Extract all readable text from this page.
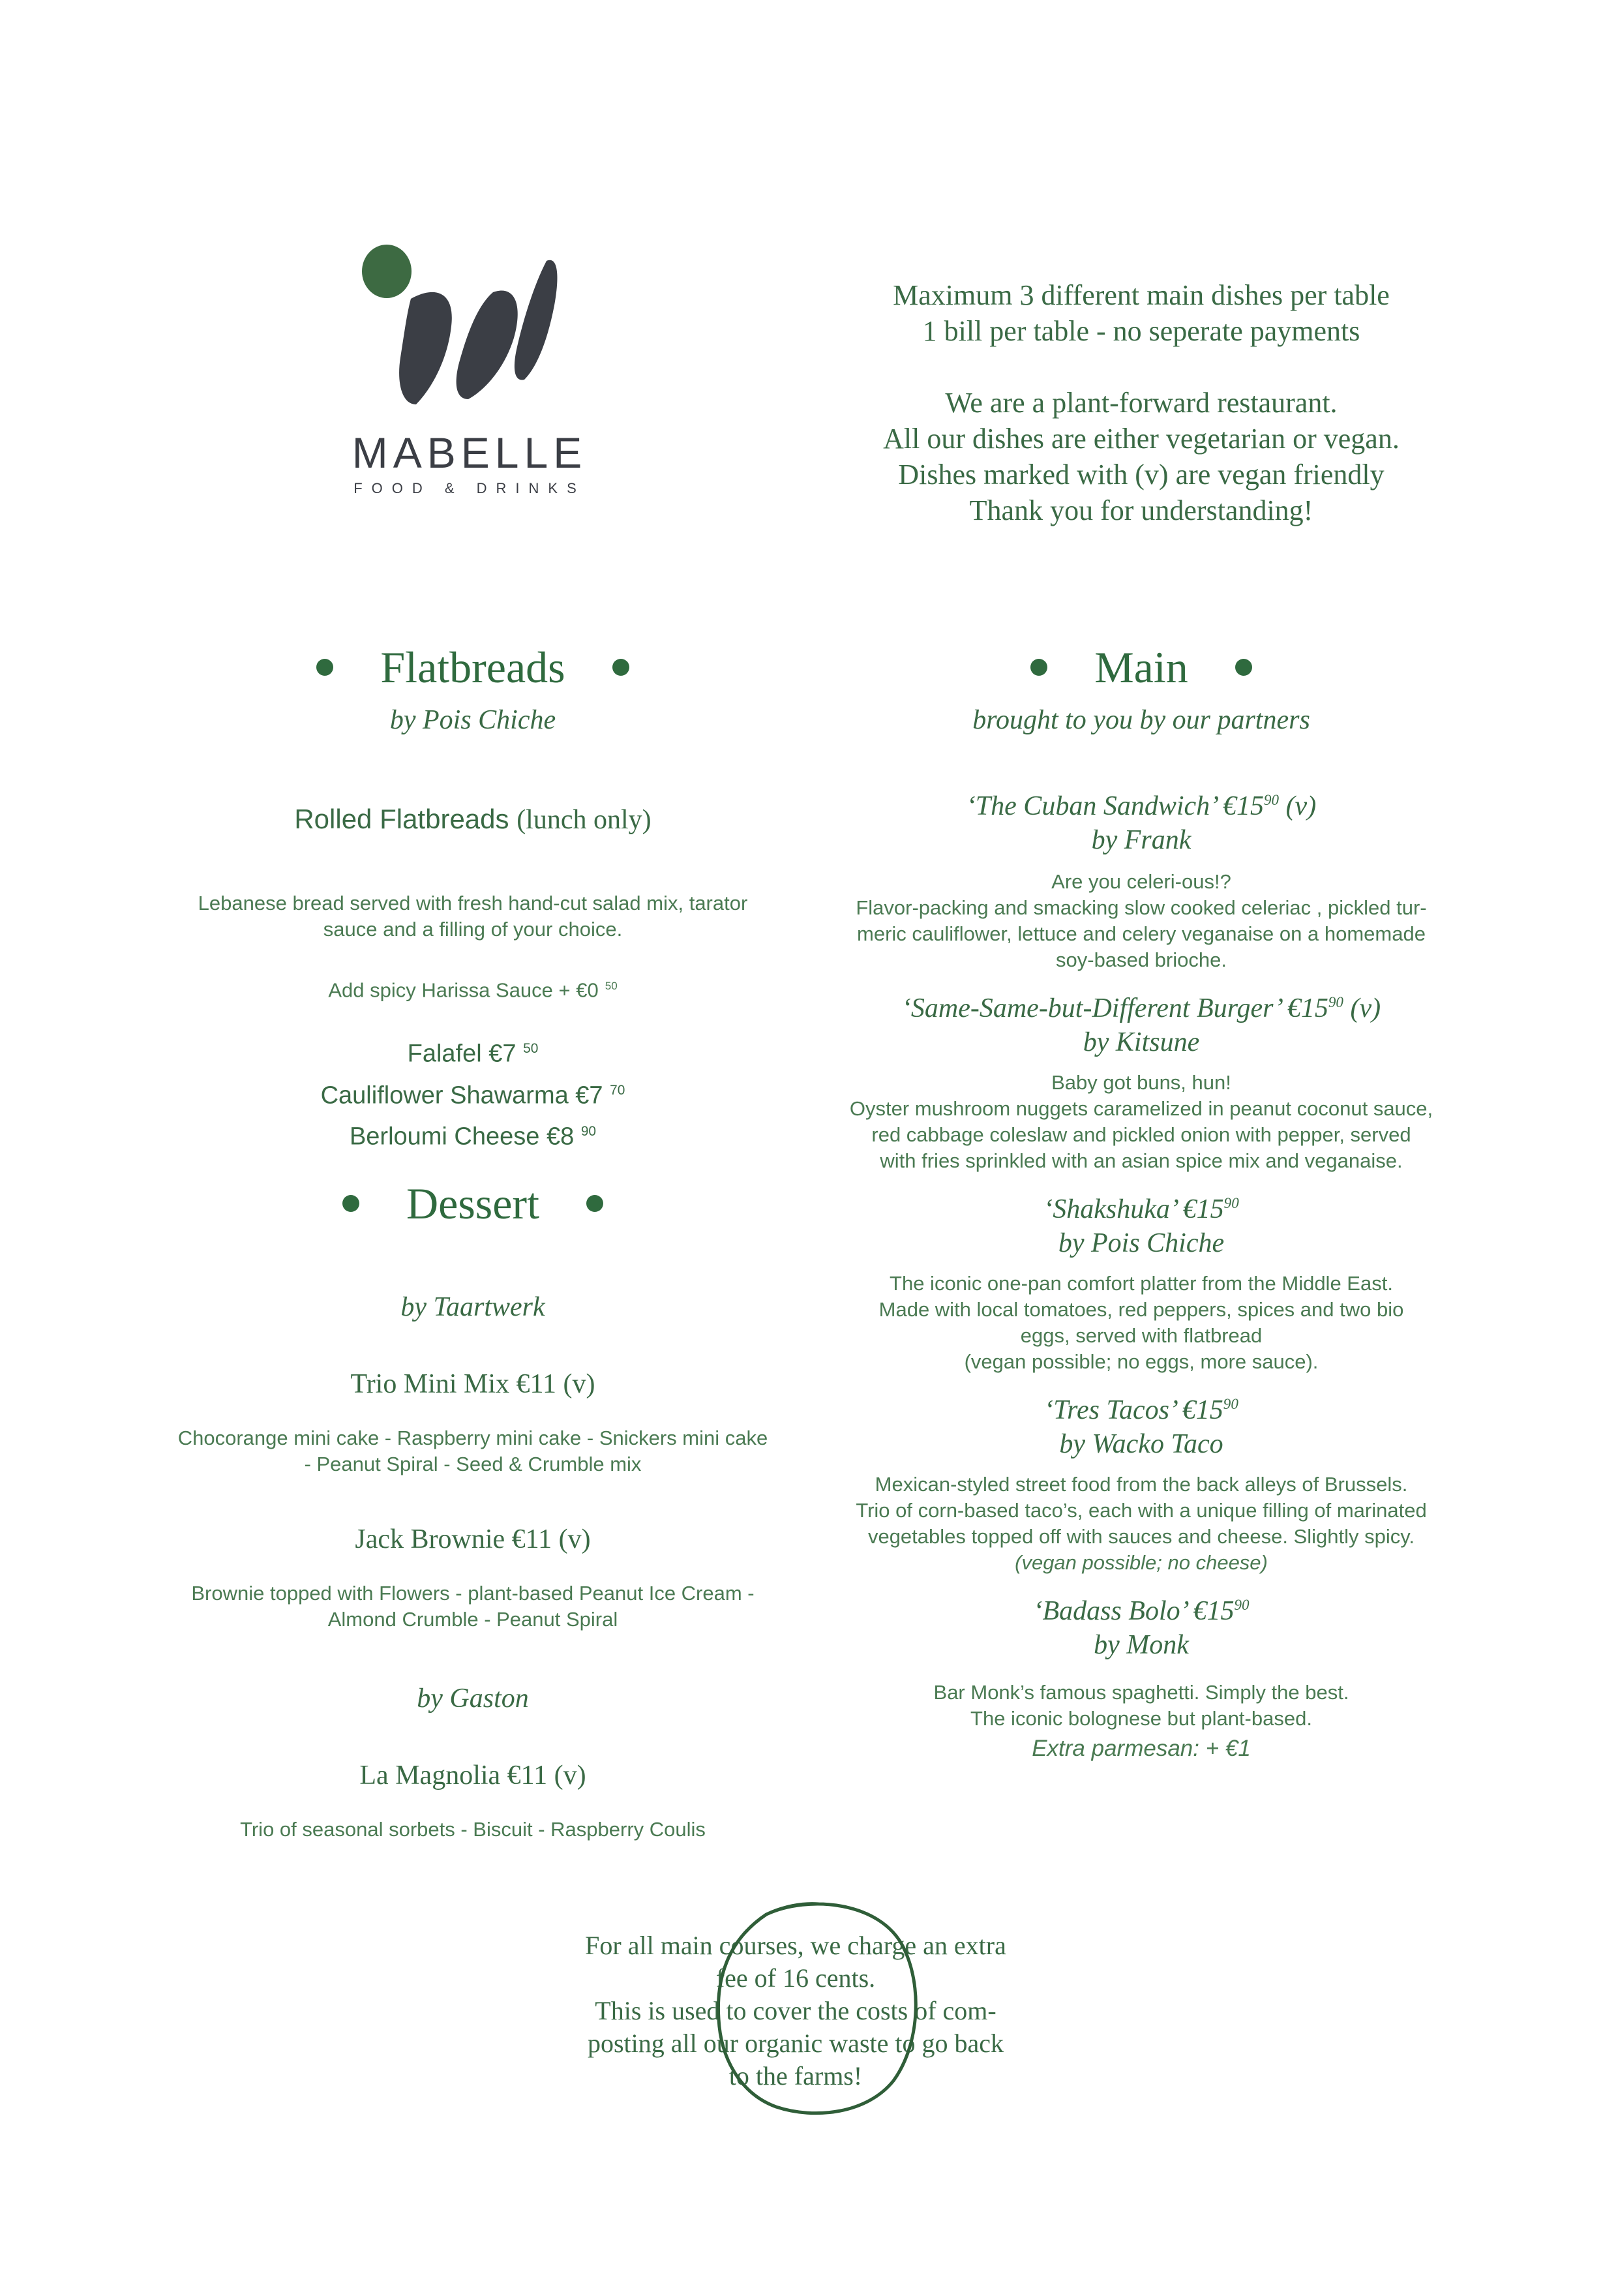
MABELLE
FOOD & DRINKS
Maximum 3 different main dishes per table
1 bill per table - no seperate payments
We are a plant-forward restaurant.
All our dishes are either vegetarian or vegan.
Dishes marked with (v) are vegan friendly
Thank you for understanding!
Flatbreads
by Pois Chiche
Rolled Flatbreads (lunch only)
Lebanese bread served with fresh hand-cut salad mix, tarator
sauce and a filling of your choice.
Add spicy Harissa Sauce + €0 $^{50}$
Falafel €7 $^{50}$
Cauliflower Shawarma €7 $^{70}$
Berloumi Cheese €8 $^{90}$
Dessert
by Taartwerk
Trio Mini Mix €11 (v)
Chocorange mini cake - Raspberry mini cake - Snickers mini cake
- Peanut Spiral - Seed & Crumble mix
Jack Brownie €11 (v)
Brownie topped with Flowers - plant-based Peanut Ice Cream -
Almond Crumble - Peanut Spiral
by Gaston
La Magnolia €11 (v)
Trio of seasonal sorbets - Biscuit - Raspberry Coulis
Main
brought to you by our partners
‘The Cuban Sandwich’ $€15^{90}$ (v)
by Frank
Are you celeri-ous!?
Flavor-packing and smacking slow cooked celeriac , pickled tur-
meric cauliflower, lettuce and celery veganaise on a homemade
soy-based brioche.
‘Same-Same-but-Different Burger’ $€15^{90}$ (v)
by Kitsune
Baby got buns, hun!
Oyster mushroom nuggets caramelized in peanut coconut sauce,
red cabbage coleslaw and pickled onion with pepper, served
with fries sprinkled with an asian spice mix and veganaise.
‘Shakshuka’ $€15^{90}$
by Pois Chiche
The iconic one-pan comfort platter from the Middle East.
Made with local tomatoes, red peppers, spices and two bio
eggs, served with flatbread
(vegan possible; no eggs, more sauce).
‘Tres Tacos’ $€15^{90}$
by Wacko Taco
Mexican-styled street food from the back alleys of Brussels.
Trio of corn-based taco’s, each with a unique filling of marinated
vegetables topped off with sauces and cheese. Slightly spicy.
(vegan possible; no cheese)
‘Badass Bolo’ $€15^{90}$
by Monk
Bar Monk’s famous spaghetti. Simply the best.
The iconic bolognese but plant-based.
Extra parmesan: + €1
For all main courses, we charge an extra
fee of 16 cents.
This is used to cover the costs of com-
posting all our organic waste to go back
to the farms!
